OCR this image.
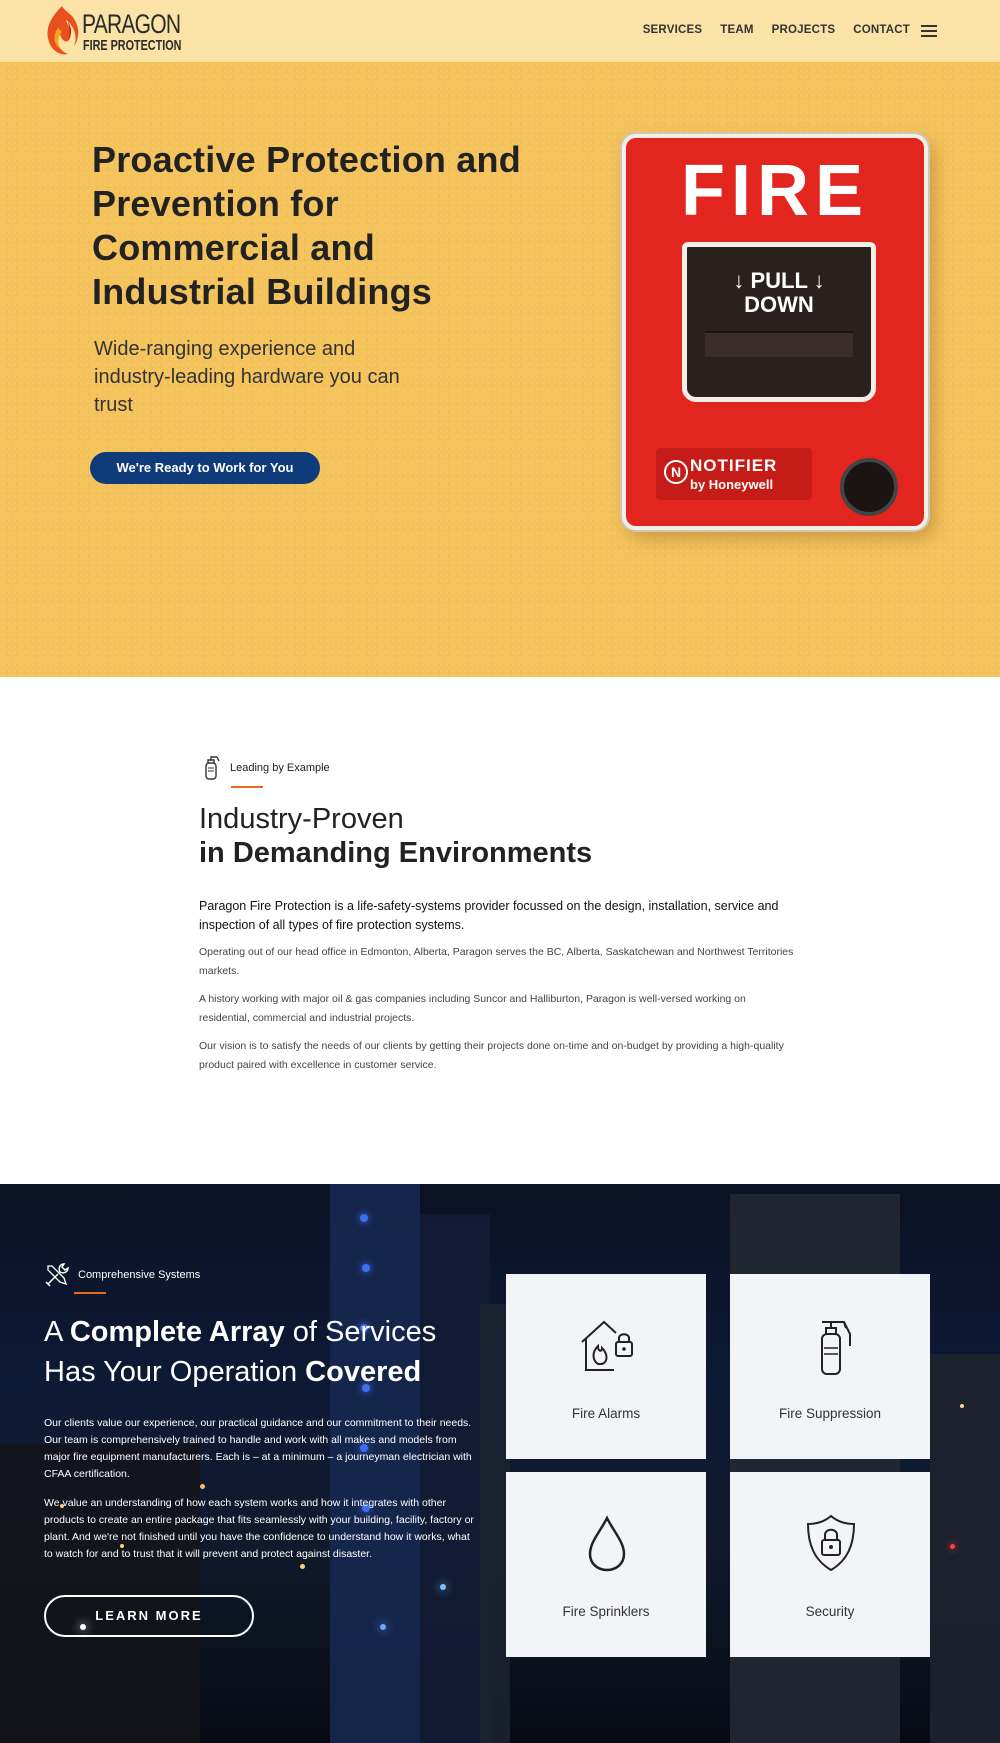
PARAGON
FIRE PROTECTION
SERVICES TEAM PROJECTS CONTACT
Proactive Protection and Prevention for Commercial and Industrial Buildings

Wide-ranging experience and industry-leading hardware you can trust

We're Ready to Work for You
FIRE
↓ PULL ↓
DOWN
N NOTIFIER
by Honeywell
Leading by Example
Industry-Proven
in Demanding Environments

Paragon Fire Protection is a life-safety-systems provider focussed on the design, installation, service and inspection of all types of fire protection systems.

Operating out of our head office in Edmonton, Alberta, Paragon serves the BC, Alberta, Saskatchewan and Northwest Territories markets.

A history working with major oil & gas companies including Suncor and Halliburton, Paragon is well-versed working on residential, commercial and industrial projects.

Our vision is to satisfy the needs of our clients by getting their projects done on-time and on-budget by providing a high-quality product paired with excellence in customer service.

Comprehensive Systems
A Complete Array of Services Has Your Operation Covered

Our clients value our experience, our practical guidance and our commitment to their needs. Our team is comprehensively trained to handle and work with all makes and models from major fire equipment manufacturers. Each is – at a minimum – a journeyman electrician with CFAA certification.

We value an understanding of how each system works and how it integrates with other products to create an entire package that fits seamlessly with your building, facility, factory or plant. And we're not finished until you have the confidence to understand how it works, what to watch for and to trust that it will prevent and protect against disaster.

LEARN MORE
Fire Alarms	Fire Suppression
Fire Sprinklers	Security
